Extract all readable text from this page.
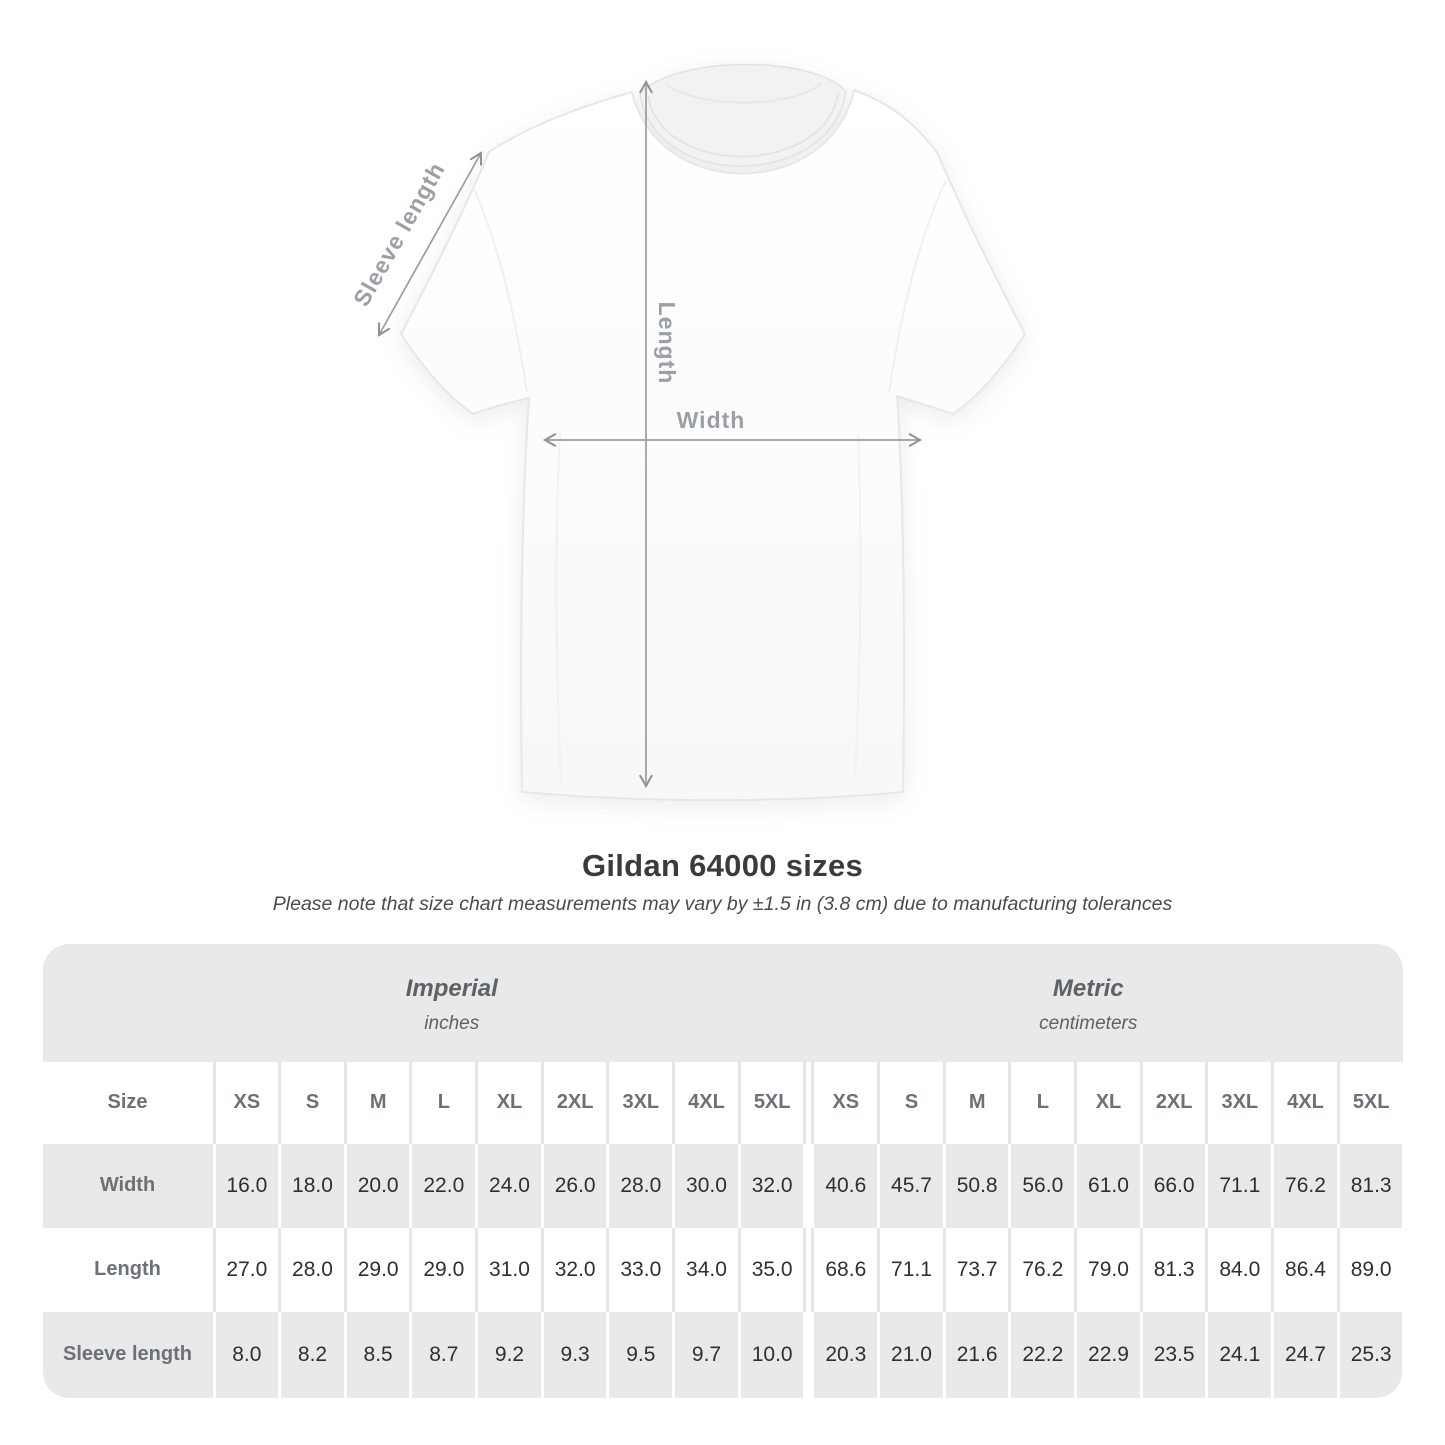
Sleeve length
Length
Width
Gildan 64000 sizes

Please note that size chart measurements may vary by ±1.5 in (3.8 cm) due to manufacturing tolerances

Imperial
inches
Metric
centimeters
Size	XS	S	M	L	XL	2XL	3XL	4XL	5XL	XS	S	M	L	XL	2XL	3XL	4XL	5XL
Width	16.0	18.0	20.0	22.0	24.0	26.0	28.0	30.0	32.0	40.6	45.7	50.8	56.0	61.0	66.0	71.1	76.2	81.3
Length	27.0	28.0	29.0	29.0	31.0	32.0	33.0	34.0	35.0	68.6	71.1	73.7	76.2	79.0	81.3	84.0	86.4	89.0
Sleeve length	8.0	8.2	8.5	8.7	9.2	9.3	9.5	9.7	10.0	20.3	21.0	21.6	22.2	22.9	23.5	24.1	24.7	25.3
